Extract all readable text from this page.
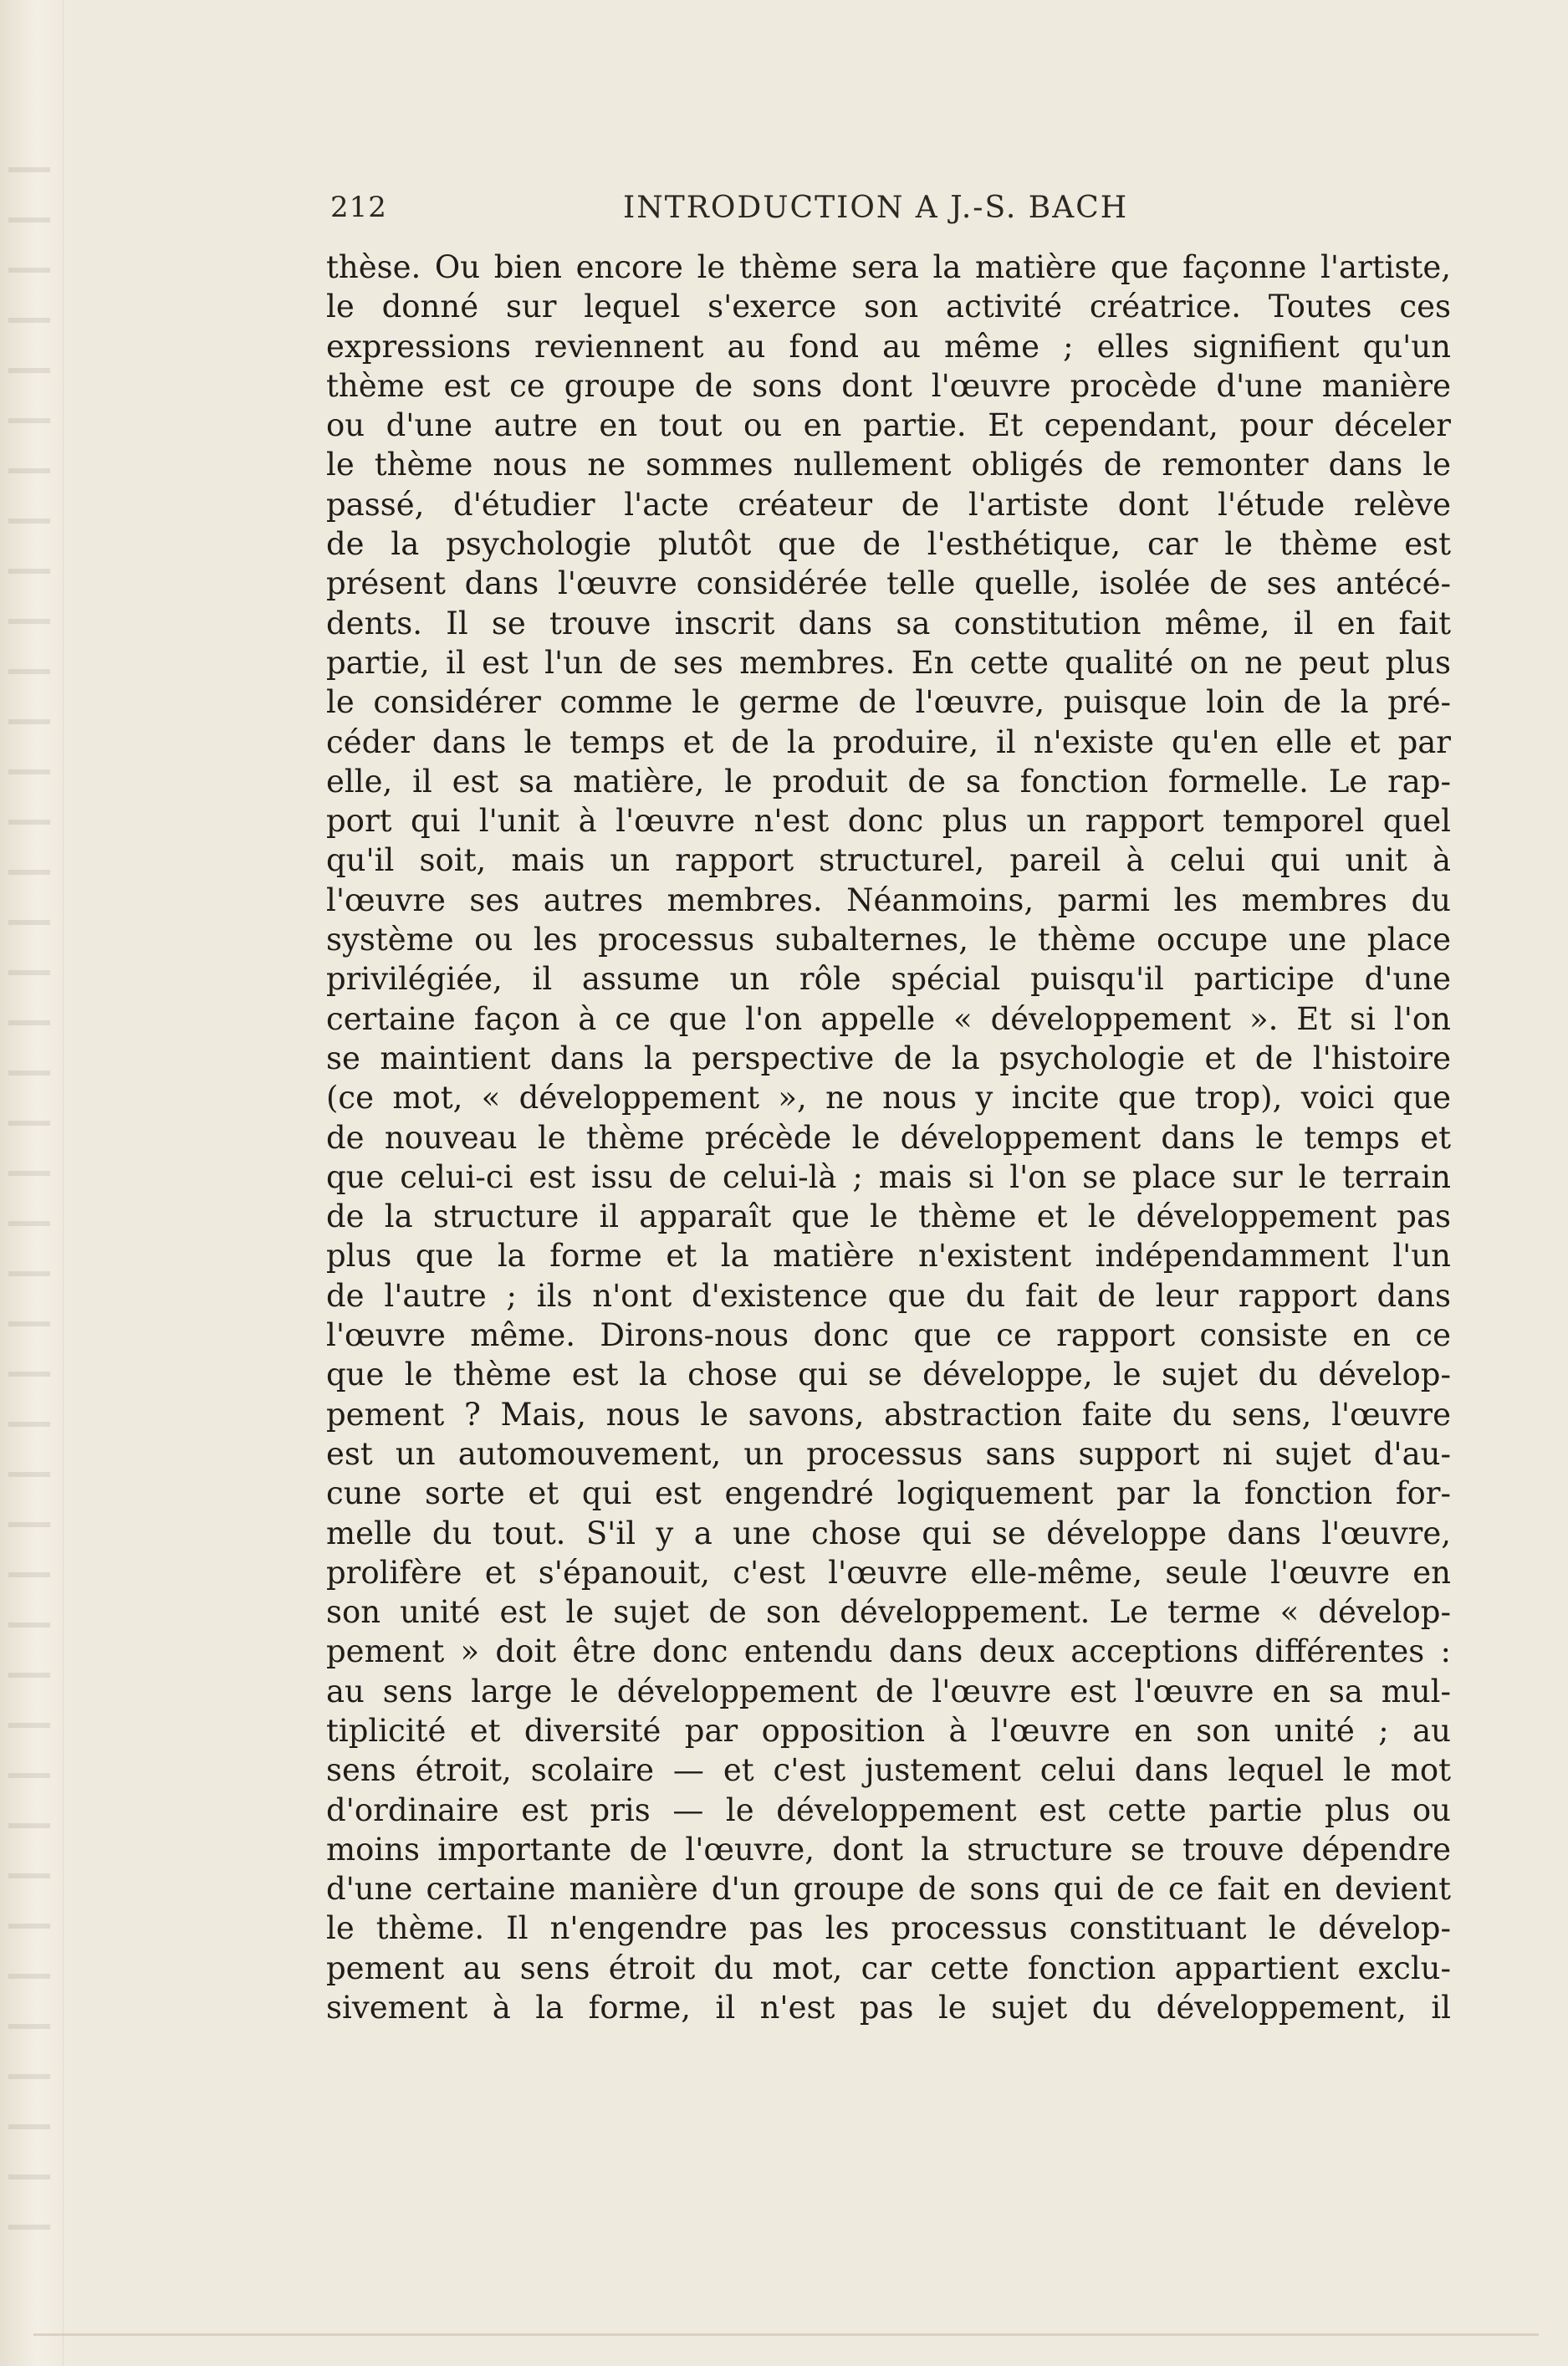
212	INTRODUCTION A J.-S. BACH
thèse. Ou bien encore le thème sera la matière que façonne l'artiste,
le donné sur lequel s'exerce son activité créatrice. Toutes ces
expressions reviennent au fond au même ; elles signifient qu'un
thème est ce groupe de sons dont l'œuvre procède d'une manière
ou d'une autre en tout ou en partie. Et cependant, pour déceler
le thème nous ne sommes nullement obligés de remonter dans le
passé, d'étudier l'acte créateur de l'artiste dont l'étude relève
de la psychologie plutôt que de l'esthétique, car le thème est
présent dans l'œuvre considérée telle quelle, isolée de ses antécé-
dents. Il se trouve inscrit dans sa constitution même, il en fait
partie, il est l'un de ses membres. En cette qualité on ne peut plus
le considérer comme le germe de l'œuvre, puisque loin de la pré-
céder dans le temps et de la produire, il n'existe qu'en elle et par
elle, il est sa matière, le produit de sa fonction formelle. Le rap-
port qui l'unit à l'œuvre n'est donc plus un rapport temporel quel
qu'il soit, mais un rapport structurel, pareil à celui qui unit à
l'œuvre ses autres membres. Néanmoins, parmi les membres du
système ou les processus subalternes, le thème occupe une place
privilégiée, il assume un rôle spécial puisqu'il participe d'une
certaine façon à ce que l'on appelle « développement ». Et si l'on
se maintient dans la perspective de la psychologie et de l'histoire
(ce mot, « développement », ne nous y incite que trop), voici que
de nouveau le thème précède le développement dans le temps et
que celui-ci est issu de celui-là ; mais si l'on se place sur le terrain
de la structure il apparaît que le thème et le développement pas
plus que la forme et la matière n'existent indépendamment l'un
de l'autre ; ils n'ont d'existence que du fait de leur rapport dans
l'œuvre même. Dirons-nous donc que ce rapport consiste en ce
que le thème est la chose qui se développe, le sujet du dévelop-
pement ? Mais, nous le savons, abstraction faite du sens, l'œuvre
est un automouvement, un processus sans support ni sujet d'au-
cune sorte et qui est engendré logiquement par la fonction for-
melle du tout. S'il y a une chose qui se développe dans l'œuvre,
prolifère et s'épanouit, c'est l'œuvre elle-même, seule l'œuvre en
son unité est le sujet de son développement. Le terme « dévelop-
pement » doit être donc entendu dans deux acceptions différentes :
au sens large le développement de l'œuvre est l'œuvre en sa mul-
tiplicité et diversité par opposition à l'œuvre en son unité ; au
sens étroit, scolaire — et c'est justement celui dans lequel le mot
d'ordinaire est pris — le développement est cette partie plus ou
moins importante de l'œuvre, dont la structure se trouve dépendre
d'une certaine manière d'un groupe de sons qui de ce fait en devient
le thème. Il n'engendre pas les processus constituant le dévelop-
pement au sens étroit du mot, car cette fonction appartient exclu-
sivement à la forme, il n'est pas le sujet du développement, il
